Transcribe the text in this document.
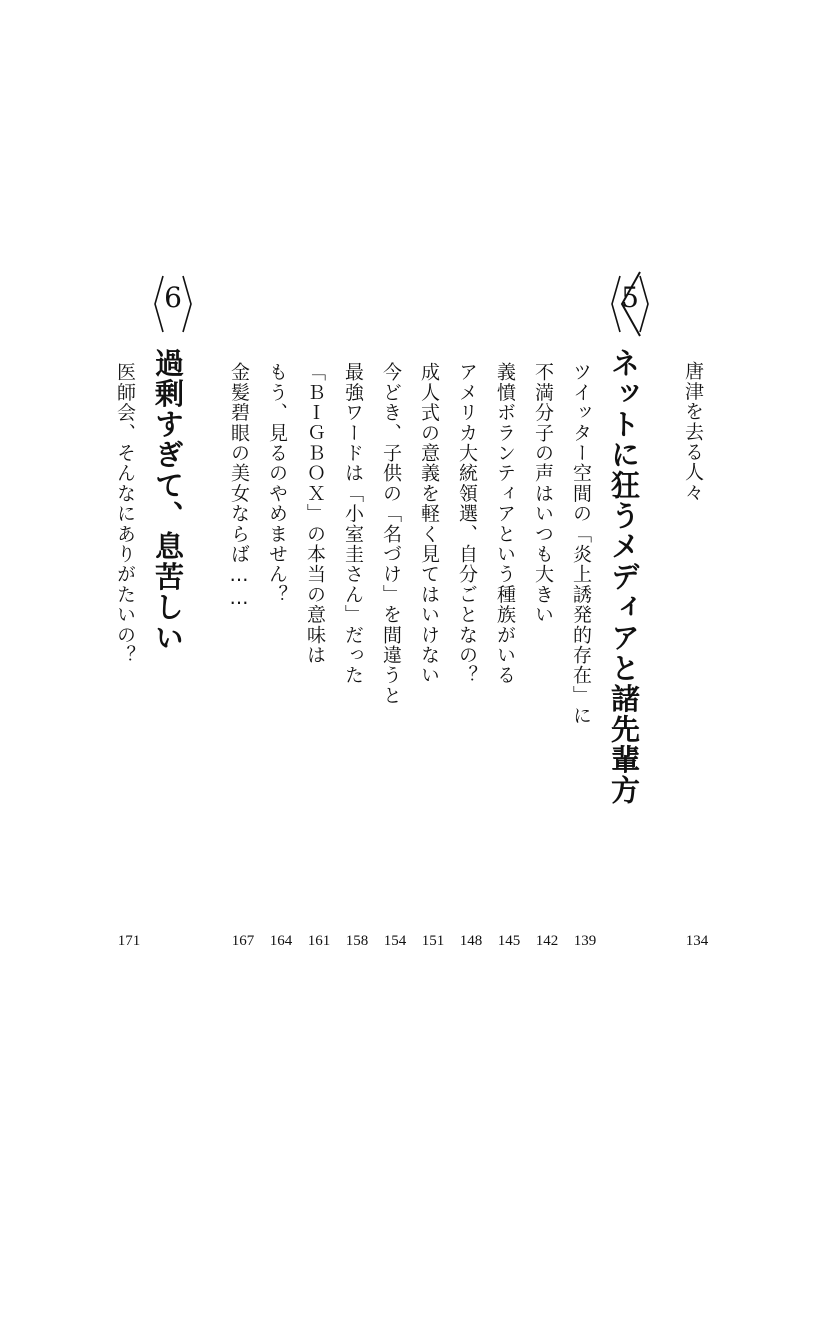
唐津を去る人々
5
ネットに狂うメディアと諸先輩方
ツイッター空間の「炎上誘発的存在」に
不満分子の声はいつも大きい
義憤ボランティアという種族がいる
アメリカ大統領選、自分ごとなの？
成人式の意義を軽く見てはいけない
今どき、子供の「名づけ」を間違うと
最強ワードは「小室圭さん」だった
「ＢＩＧＢＯＸ」の本当の意味は
もう、見るのやめません？
金髪碧眼の美女ならば……
6
過剰すぎて、息苦しい
医師会、そんなにありがたいの？
134
139
142
145
148
151
154
158
161
164
167
171
